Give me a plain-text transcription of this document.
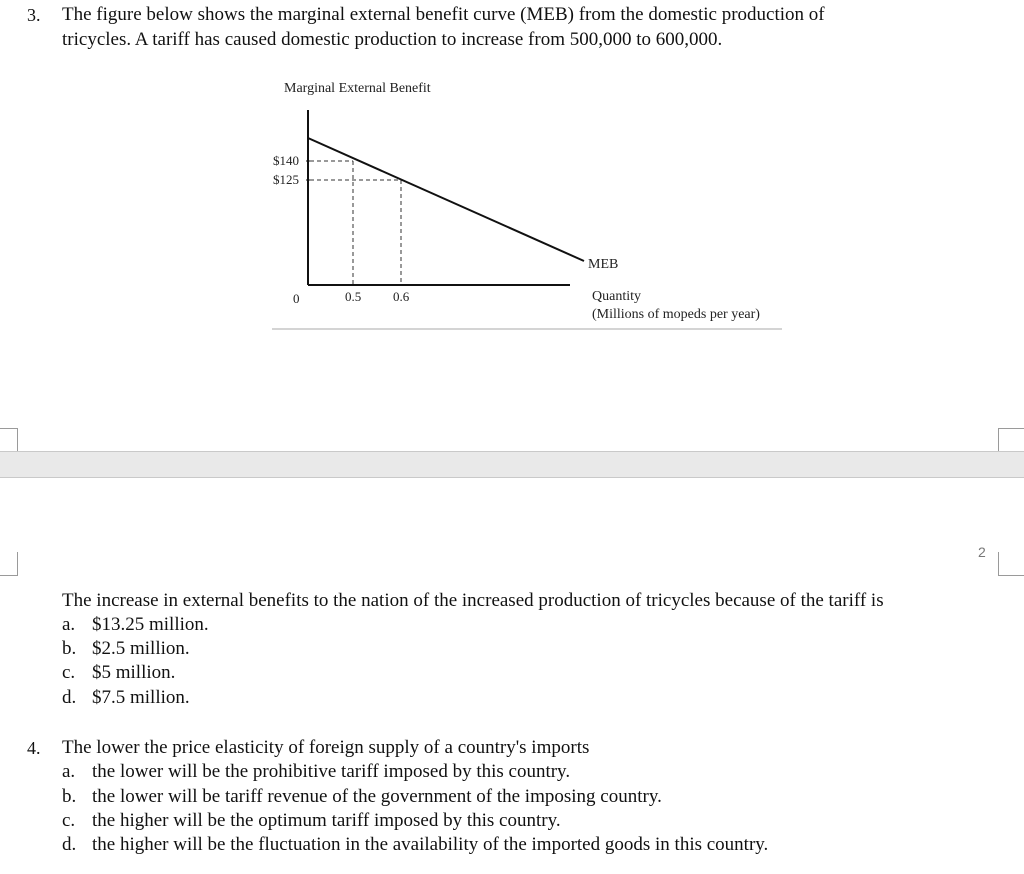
3. The figure below shows the marginal external benefit curve (MEB) from the domestic production of
tricycles. A tariff has caused domestic production to increase from 500,000 to 600,000.
Marginal External Benefit
$140
$125
MEB
0	0.5 0.6	Quantity
(Millions of mopeds per year)
2
The increase in external benefits to the nation of the increased production of tricycles because of the tariff is
a. $13.25 million.
b. $2.5 million.
c. $5 million.
d. $7.5 million.
4. The lower the price elasticity of foreign supply of a country's imports
a. the lower will be the prohibitive tariff imposed by this country.
b. the lower will be tariff revenue of the government of the imposing country.
c. the higher will be the optimum tariff imposed by this country.
d. the higher will be the fluctuation in the availability of the imported goods in this country.
